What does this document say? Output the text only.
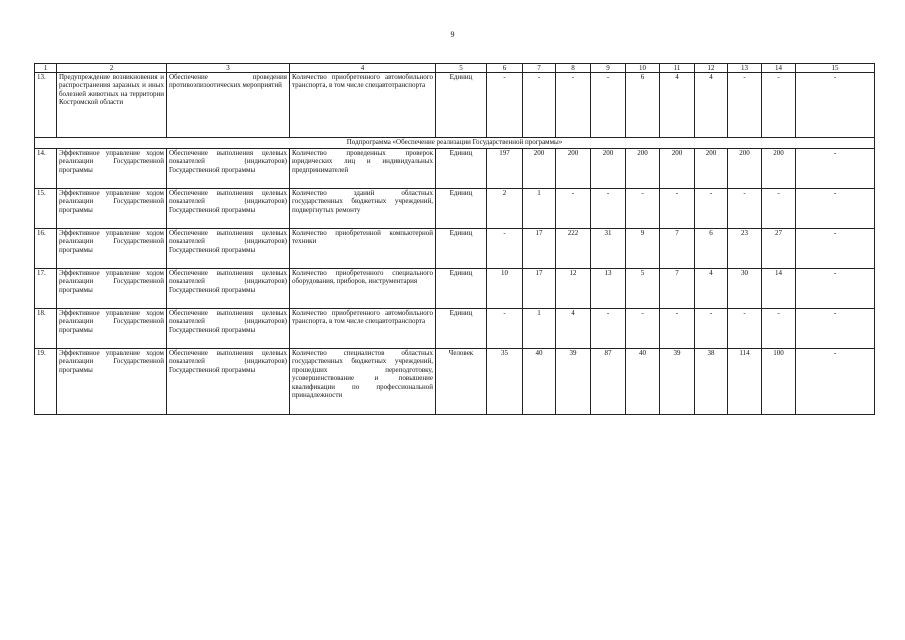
9
1	2	3	4	5	6	7	8	9	10	11	12	13	14	15
13.	Предупреждение возникновения и распространения заразных и иных болезней животных на территории Костромской области	Обеспечение проведения противоэпизоотических мероприятий	Количество приобретенного автомобильного транспорта, в том числе спецавтотранспорта	Единиц	-	-	-	-	6	4	4	-	-	-
Подпрограмма «Обеспечение реализации Государственной программы»														
14.	Эффективное управление ходом реализации Государственной программы	Обеспечение выполнения целевых показателей (индикаторов) Государственной программы	Количество проведенных проверок юридических лиц и индивидуальных предпринимателей	Единиц	197	200	200	200	200	200	200	200	200	-
15.	Эффективное управление ходом реализации Государственной программы	Обеспечение выполнения целевых показателей (индикаторов) Государственной программы	Количество зданий областных государственных бюджетных учреждений, подвергнутых ремонту	Единиц	2	1	-	-	-	-	-	-	-	-
16.	Эффективное управление ходом реализации Государственной программы	Обеспечение выполнения целевых показателей (индикаторов) Государственной программы	Количество приобретенной компьютерной техники	Единиц	-	17	222	31	9	7	6	23	27	-
17.	Эффективное управление ходом реализации Государственной программы	Обеспечение выполнения целевых показателей (индикаторов) Государственной программы	Количество приобретенного специального оборудования, приборов, инструментария	Единиц	10	17	12	13	5	7	4	30	14	-
18.	Эффективное управление ходом реализации Государственной программы	Обеспечение выполнения целевых показателей (индикаторов) Государственной программы	Количество приобретенного автомобильного транспорта, в том числе спецавтотранспорта	Единиц	-	1	4	-	-	-	-	-	-	-
19.	Эффективное управление ходом реализации Государственной программы	Обеспечение выполнения целевых показателей (индикаторов) Государственной программы	Количество специалистов областных государственных бюджетных учреждений, прошедших переподготовку, усовершенствование и повышение квалификации по профессиональной принадлежности	Человек	35	40	39	87	40	39	38	114	100	-
